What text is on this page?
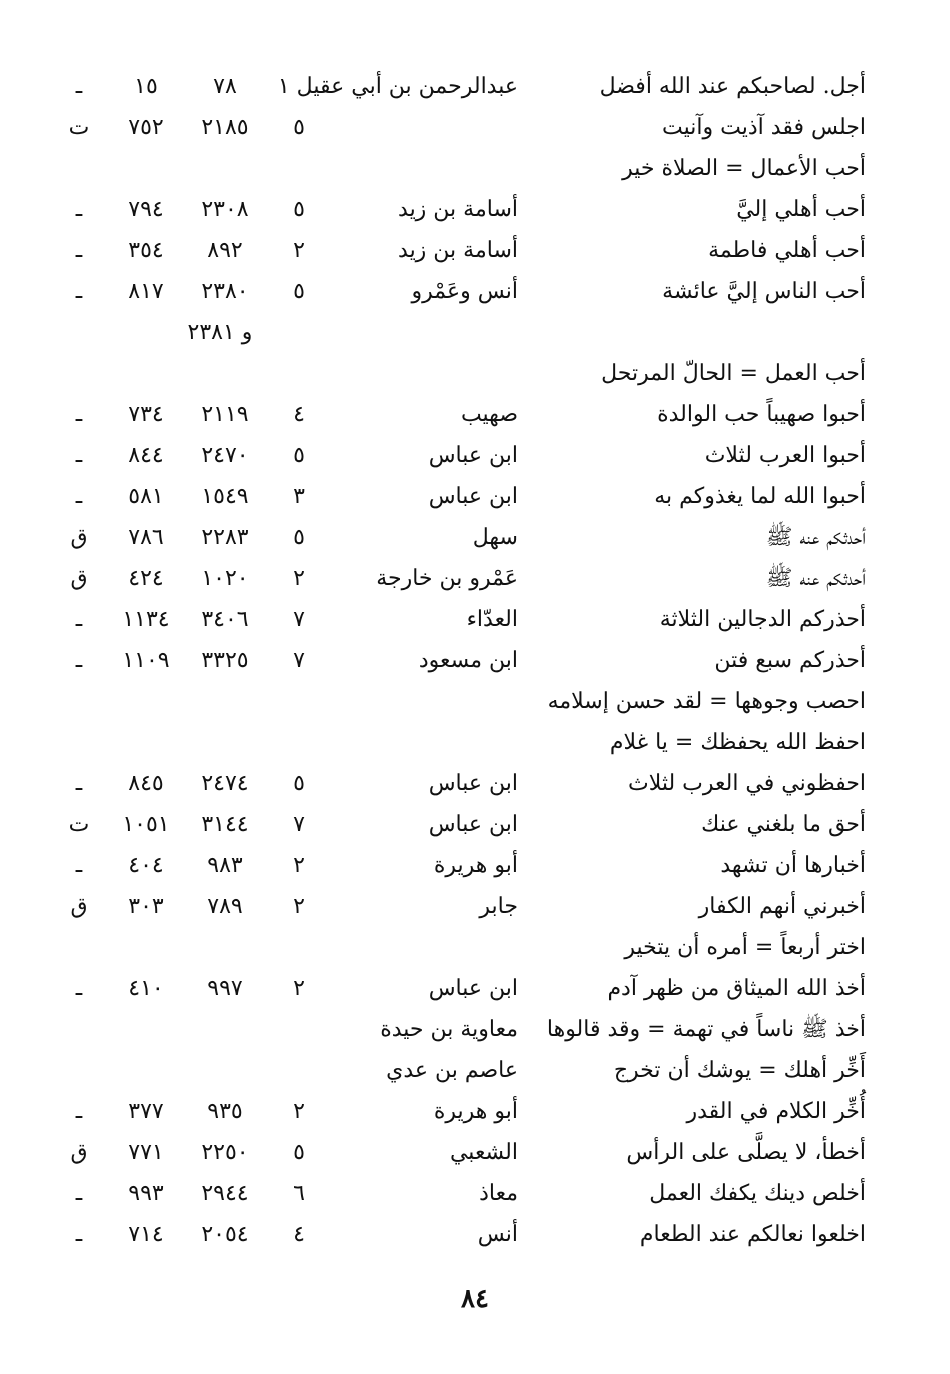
أجل. لصاحبكم عند الله أفضل
عبدالرحمن بن أبي عقيل ١
٧٨
١٥
ـ
اجلس فقد آذيت وآنيت
٥
٢١٨٥
٧٥٢
ت
أحب الأعمال = الصلاة خير
أحب أهلي إليَّ
أسامة بن زيد
٥
٢٣٠٨
٧٩٤
ـ
أحب أهلي فاطمة
أسامة بن زيد
٢
٨٩٢
٣٥٤
ـ
أحب الناس إليَّ عائشة
أنس وعَمْرو
٥
٢٣٨٠
٨١٧
ـ
و ٢٣٨١
أحب العمل = الحالّ المرتحل
أحبوا صهيباً حب الوالدة
صهيب
٤
٢١١٩
٧٣٤
ـ
أحبوا العرب لثلاث
ابن عباس
٥
٢٤٧٠
٨٤٤
ـ
أحبوا الله لما يغذوكم به
ابن عباس
٣
١٥٤٩
٥٨١
ـ
أحدثكم عنه ﷺ
سهل
٥
٢٢٨٣
٧٨٦
ق
أحدثكم عنه ﷺ
عَمْرو بن خارجة
٢
١٠٢٠
٤٢٤
ق
أحذركم الدجالين الثلاثة
العدّاء
٧
٣٤٠٦
١١٣٤
ـ
أحذركم سبع فتن
ابن مسعود
٧
٣٣٢٥
١١٠٩
ـ
احصب وجوهها = لقد حسن إسلامه
احفظ الله يحفظك = يا غلام
احفظوني في العرب لثلاث
ابن عباس
٥
٢٤٧٤
٨٤٥
ـ
أحق ما بلغني عنك
ابن عباس
٧
٣١٤٤
١٠٥١
ت
أخبارها أن تشهد
أبو هريرة
٢
٩٨٣
٤٠٤
ـ
أخبرني أنهم الكفار
جابر
٢
٧٨٩
٣٠٣
ق
اختر أربعاً = أمره أن يتخير
أخذ الله الميثاق من ظهر آدم
ابن عباس
٢
٩٩٧
٤١٠
ـ
أخذ ﷺ ناساً في تهمة = وقد قالوها
معاوية بن حيدة
أَخِّر أهلك = يوشك أن تخرج
عاصم بن عدي
أُخِّر الكلام في القدر
أبو هريرة
٢
٩٣٥
٣٧٧
ـ
أخطأ، لا يصلَّى على الرأس
الشعبي
٥
٢٢٥٠
٧٧١
ق
أخلص دينك يكفك العمل
معاذ
٦
٢٩٤٤
٩٩٣
ـ
اخلعوا نعالكم عند الطعام
أنس
٤
٢٠٥٤
٧١٤
ـ
٨٤
